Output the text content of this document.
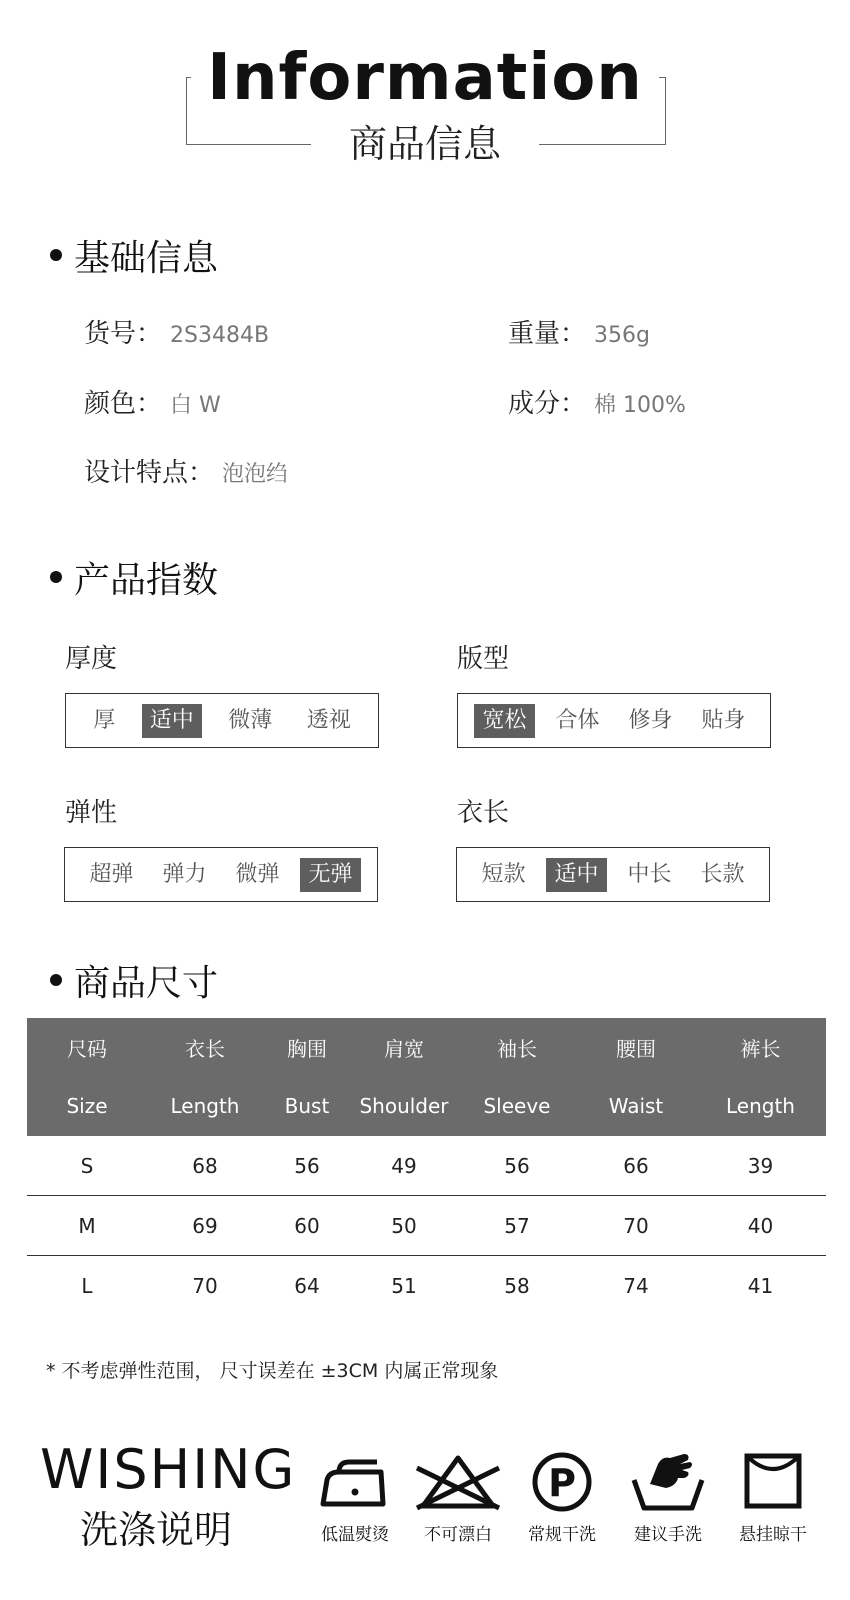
Information
商品信息
基础信息
货号： 2S3484B	重量： 356g
颜色： 白 W	成分： 棉 100%
设计特点： 泡泡绉
产品指数
厚度
厚	适中	微薄	透视
版型
宽松	合体	修身	贴身
弹性
超弹	弹力	微弹	无弹
衣长
短款	适中	中长	长款
商品尺寸
尺码	衣长	胸围	肩宽	袖长	腰围	裤长
Size	Length	Bust	Shoulder	Sleeve	Waist	Length
S	68	56	49	56	66	39
M	69	60	50	57	70	40
L	70	64	51	58	74	41
* 不考虑弹性范围， 尺寸误差在 ±3CM 内属正常现象
WISHING
洗涤说明	低温熨烫	不可漂白
P
常规干洗	建议手洗	悬挂晾干
